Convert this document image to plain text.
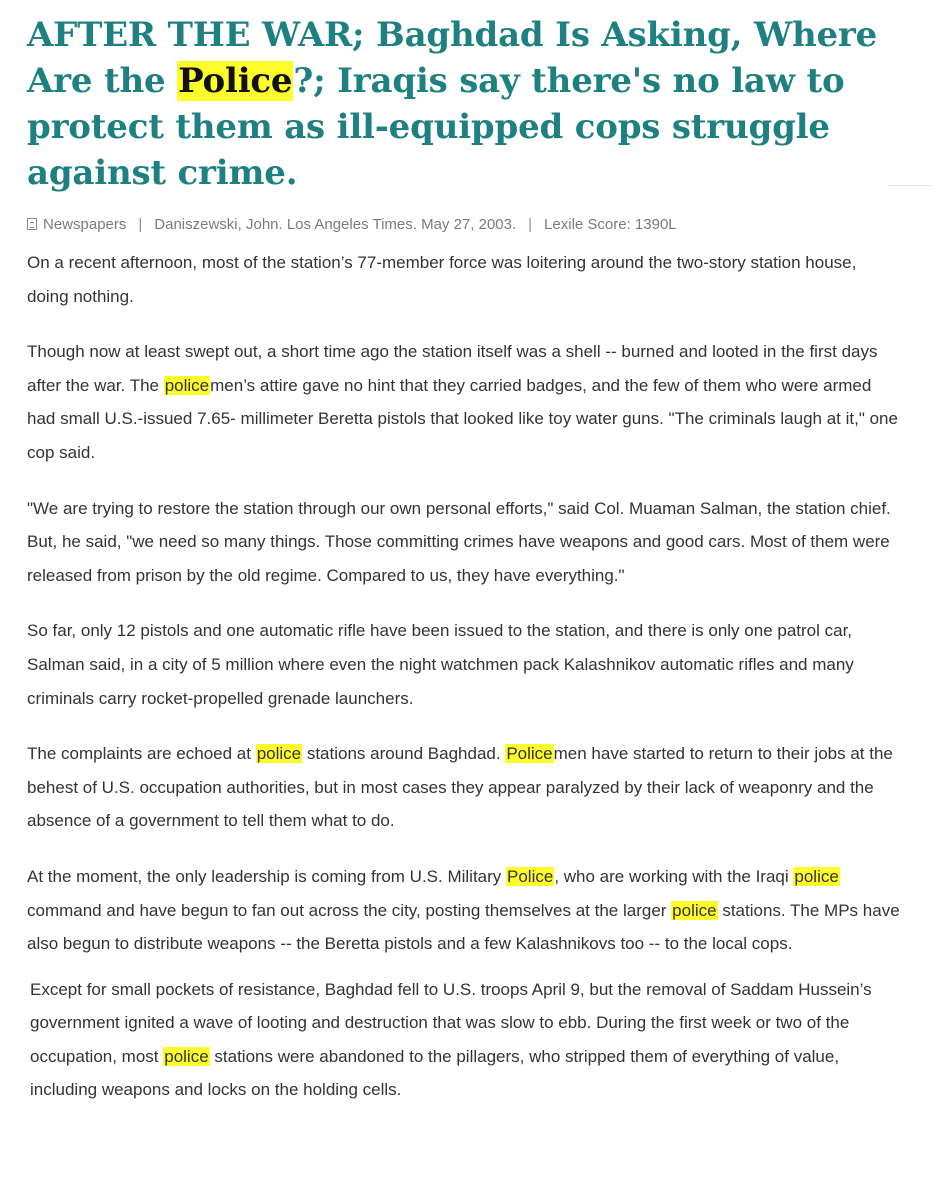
AFTER THE WAR; Baghdad Is Asking, Where Are the Police?; Iraqis say there's no law to protect them as ill-equipped cops struggle against crime.
Newspapers | Daniszewski, John. Los Angeles Times. May 27, 2003. | Lexile Score: 1390L

On a recent afternoon, most of the station’s 77-member force was loitering around the two-story station house, doing nothing.

Though now at least swept out, a short time ago the station itself was a shell -- burned and looted in the first days after the war. The policemen’s attire gave no hint that they carried badges, and the few of them who were armed had small U.S.-issued 7.65- millimeter Beretta pistols that looked like toy water guns. "The criminals laugh at it," one cop said.

"We are trying to restore the station through our own personal efforts," said Col. Muaman Salman, the station chief. But, he said, "we need so many things. Those committing crimes have weapons and good cars. Most of them were released from prison by the old regime. Compared to us, they have everything."

So far, only 12 pistols and one automatic rifle have been issued to the station, and there is only one patrol car, Salman said, in a city of 5 million where even the night watchmen pack Kalashnikov automatic rifles and many criminals carry rocket-propelled grenade launchers.

The complaints are echoed at police stations around Baghdad. Policemen have started to return to their jobs at the behest of U.S. occupation authorities, but in most cases they appear paralyzed by their lack of weaponry and the absence of a government to tell them what to do.

At the moment, the only leadership is coming from U.S. Military Police, who are working with the Iraqi police command and have begun to fan out across the city, posting themselves at the larger police stations. The MPs have also begun to distribute weapons -- the Beretta pistols and a few Kalashnikovs too -- to the local cops.

Except for small pockets of resistance, Baghdad fell to U.S. troops April 9, but the removal of Saddam Hussein’s government ignited a wave of looting and destruction that was slow to ebb. During the first week or two of the occupation, most police stations were abandoned to the pillagers, who stripped them of everything of value, including weapons and locks on the holding cells.
